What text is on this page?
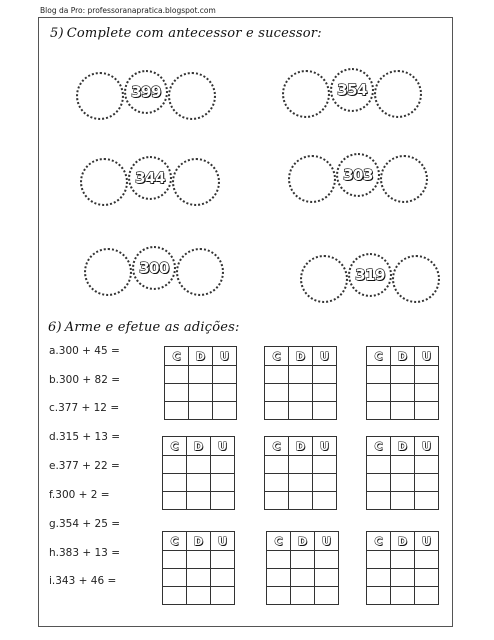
Blog da Pro: professoranapratica.blogspot.com
5) Complete com antecessor e sucessor:
399	354
344	303
300	319
6) Arme e efetue as adições:
a.300 + 45 =
b.300 + 82 =
c.377 + 12 =
d.315 + 13 =
e.377 + 22 =
f.300 + 2 =
g.354 + 25 =
h.383 + 13 =
i.343 + 46 =
C	D	U

			C	D	U

			C	D	U

C	D	U

			C	D	U

			C	D	U

C	D	U

			C	D	U

			C	D	U
